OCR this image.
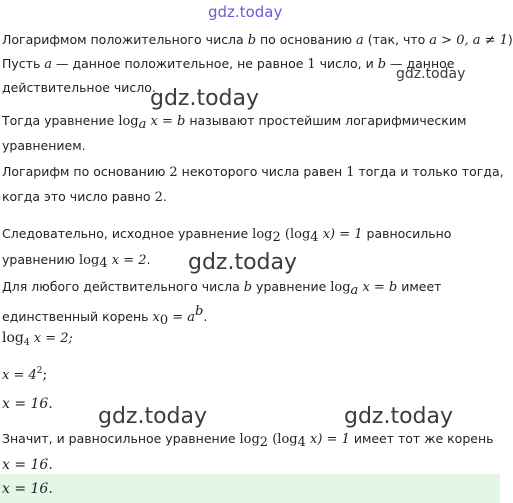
gdz.today
Логарифмом положительного числа b по основанию a (так, что a > 0, a ≠ 1)
Пусть a — данное положительное, не равное 1 число, и b — данное
gdz.today
действительное число.
gdz.today
Тогда уравнение $\log_a x = b$ называют простейшим логарифмическим
уравнением.
Логарифм по основанию 2 некоторого числа равен 1 тогда и только тогда,
когда это число равно 2.
Следовательно, исходное уравнение $\log_2 (\log_4$ x) = 1 равносильно
уравнению $\log_4 x = 2$. gdz.today
Для любого действительного числа b уравнение $\log_a x = b$ имеет
единственный корень $x_0 = a^b$.
$\log_4 x = 2$;
$x = 4^2$;
x = 16. gdz.today	gdz.today
Значит, и равносильное уравнение $\log_2 (\log_4$ x) = 1 имеет тот же корень
x = 16.
x = 16.
